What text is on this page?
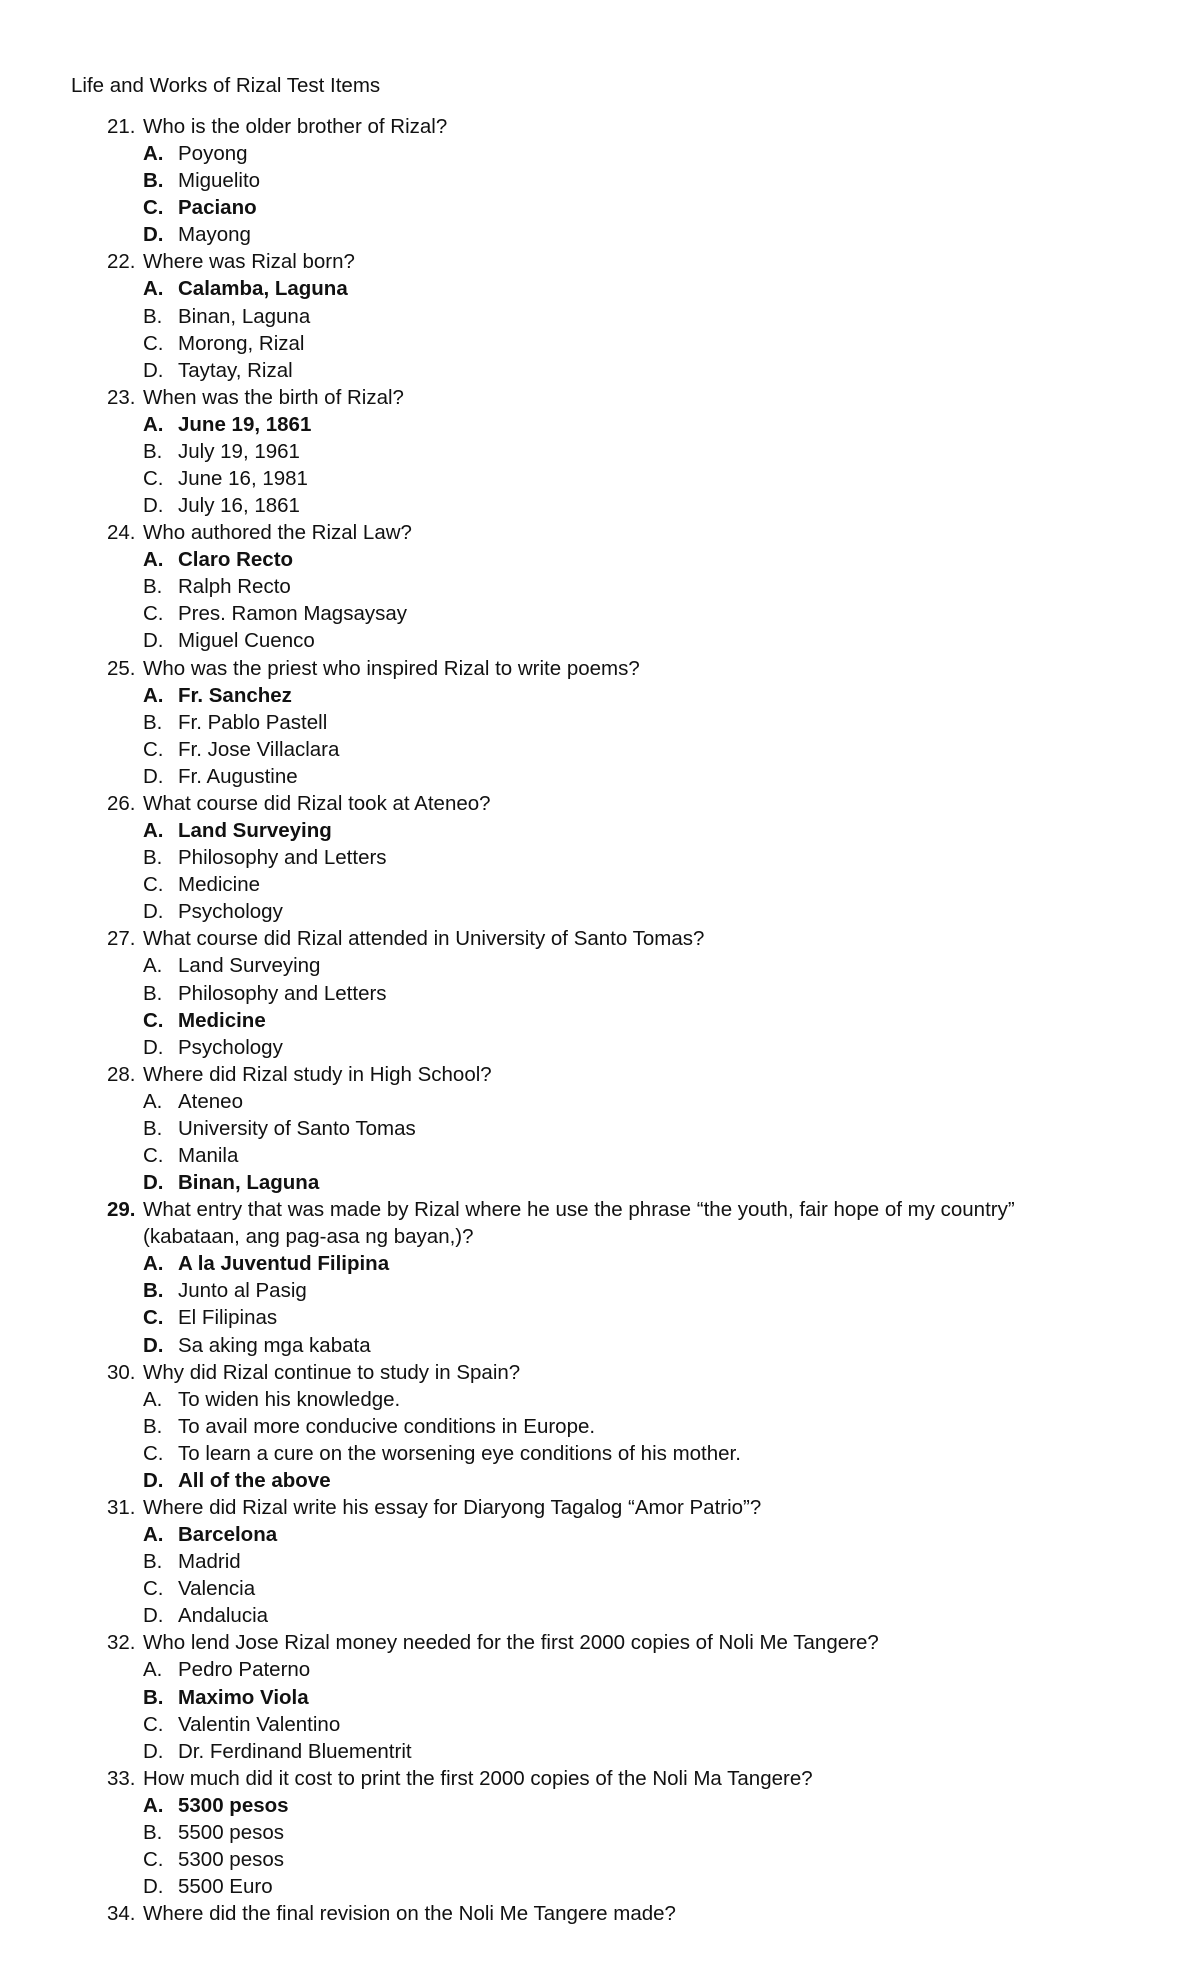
Life and Works of Rizal Test Items
21. Who is the older brother of Rizal?
A. Poyong
B. Miguelito
C. Paciano
D. Mayong
22. Where was Rizal born?
A. Calamba, Laguna
B. Binan, Laguna
C. Morong, Rizal
D. Taytay, Rizal
23. When was the birth of Rizal?
A. June 19, 1861
B. July 19, 1961
C. June 16, 1981
D. July 16, 1861
24. Who authored the Rizal Law?
A. Claro Recto
B. Ralph Recto
C. Pres. Ramon Magsaysay
D. Miguel Cuenco
25. Who was the priest who inspired Rizal to write poems?
A. Fr. Sanchez
B. Fr. Pablo Pastell
C. Fr. Jose Villaclara
D. Fr. Augustine
26. What course did Rizal took at Ateneo?
A. Land Surveying
B. Philosophy and Letters
C. Medicine
D. Psychology
27. What course did Rizal attended in University of Santo Tomas?
A. Land Surveying
B. Philosophy and Letters
C. Medicine
D. Psychology
28. Where did Rizal study in High School?
A. Ateneo
B. University of Santo Tomas
C. Manila
D. Binan, Laguna
29. What entry that was made by Rizal where he use the phrase “the youth, fair hope of my country”
(kabataan, ang pag-asa ng bayan,)?
A. A la Juventud Filipina
B. Junto al Pasig
C. El Filipinas
D. Sa aking mga kabata
30. Why did Rizal continue to study in Spain?
A. To widen his knowledge.
B. To avail more conducive conditions in Europe.
C. To learn a cure on the worsening eye conditions of his mother.
D. All of the above
31. Where did Rizal write his essay for Diaryong Tagalog “Amor Patrio”?
A. Barcelona
B. Madrid
C. Valencia
D. Andalucia
32. Who lend Jose Rizal money needed for the first 2000 copies of Noli Me Tangere?
A. Pedro Paterno
B. Maximo Viola
C. Valentin Valentino
D. Dr. Ferdinand Bluementrit
33. How much did it cost to print the first 2000 copies of the Noli Ma Tangere?
A. 5300 pesos
B. 5500 pesos
C. 5300 pesos
D. 5500 Euro
34. Where did the final revision on the Noli Me Tangere made?
